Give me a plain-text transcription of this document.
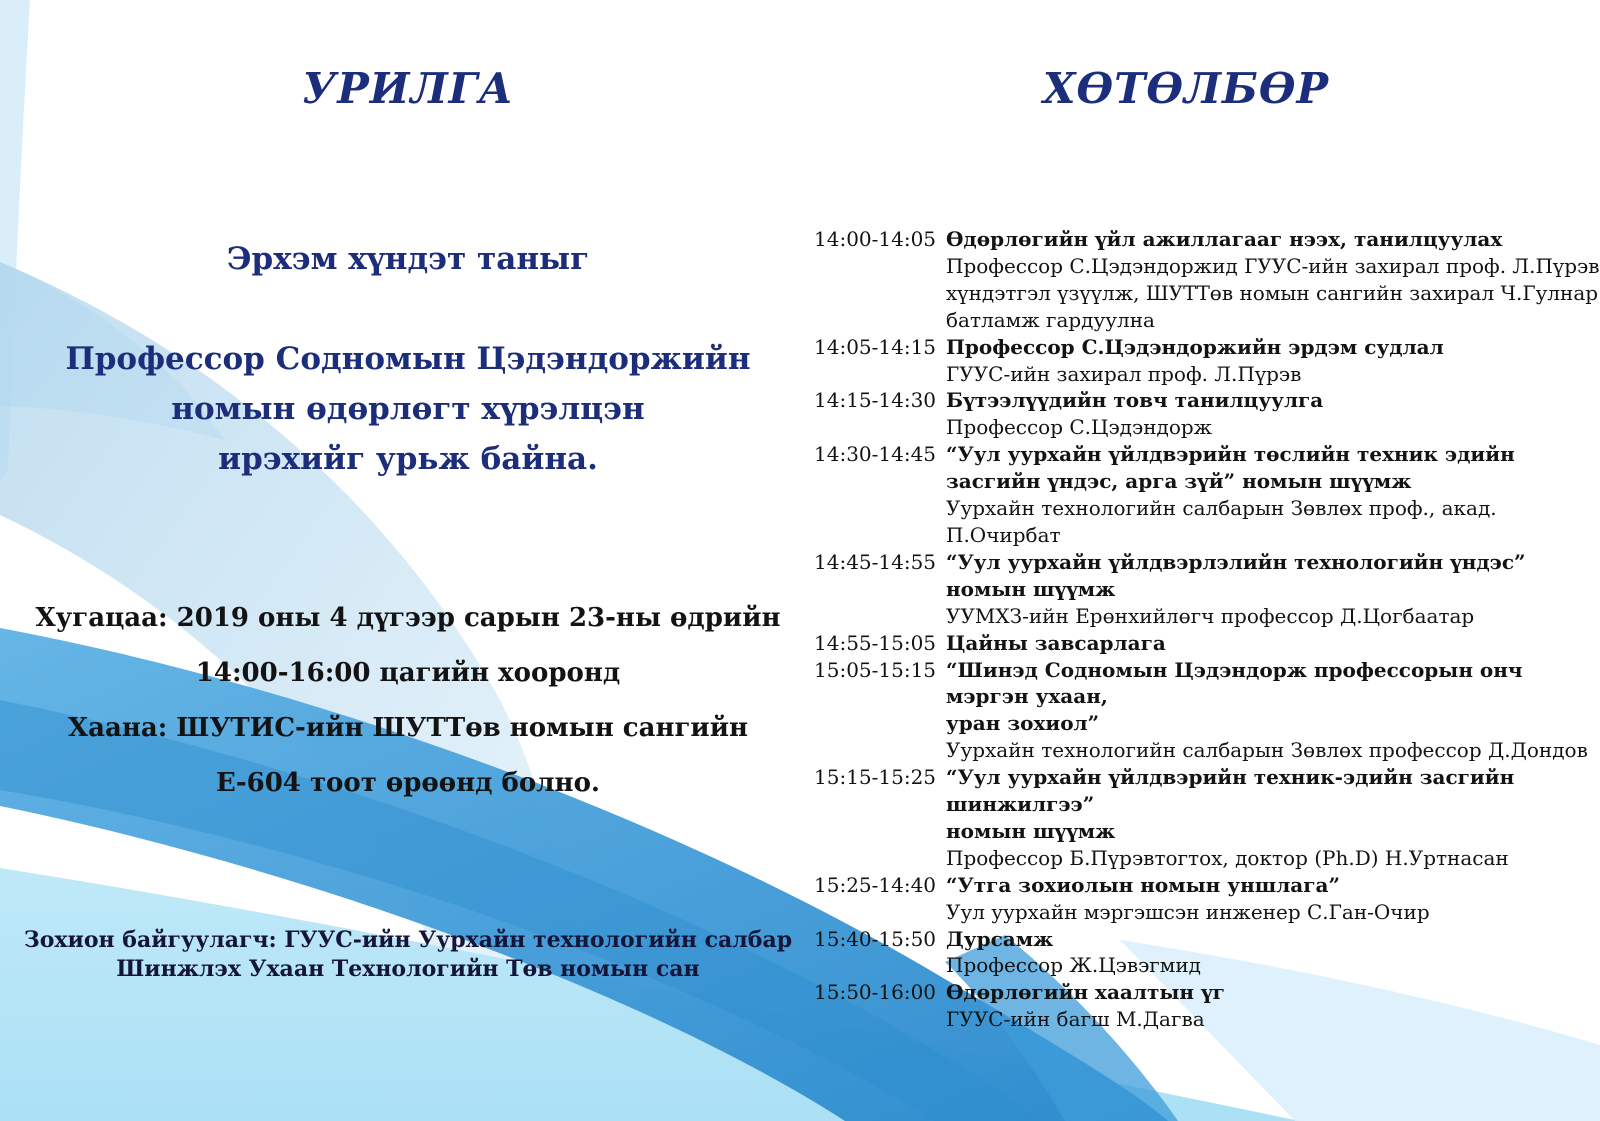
УРИЛГА
Эрхэм хүндэт таныг
Профессор Содномын Цэдэндоржийн
номын өдөрлөгт хүрэлцэн
ирэхийг урьж байна.
Хугацаа: 2019 оны 4 дүгээр сарын 23-ны өдрийн
14:00-16:00 цагийн хооронд
Хаана: ШУТИС-ийн ШУТТөв номын сангийн
Е-604 тоот өрөөнд болно.
Зохион байгуулагч: ГУУС-ийн Уурхайн технологийн салбар
Шинжлэх Ухаан Технологийн Төв номын сан
ХӨТӨЛБӨР
14:00-14:05 Өдөрлөгийн үйл ажиллагааг нээх, танилцуулах
Профессор С.Цэдэндоржид ГУУС-ийн захирал проф. Л.Пүрэв
хүндэтгэл үзүүлж, ШУТТөв номын сангийн захирал Ч.Гулнар
батламж гардуулна
14:05-14:15 Профессор С.Цэдэндоржийн эрдэм судлал
ГУУС-ийн захирал проф. Л.Пүрэв
14:15-14:30 Бүтээлүүдийн товч танилцуулга
Профессор С.Цэдэндорж
14:30-14:45 “Уул уурхайн үйлдвэрийн төслийн техник эдийн
засгийн үндэс, арга зүй” номын шүүмж
Уурхайн технологийн салбарын Зөвлөх проф., акад. П.Очирбат
14:45-14:55 “Уул уурхайн үйлдвэрлэлийн технологийн үндэс”
номын шүүмж
УУМХЗ-ийн Ерөнхийлөгч профессор Д.Цогбаатар
14:55-15:05 Цайны завсарлага
15:05-15:15 “Шинэд Содномын Цэдэндорж профессорын онч мэргэн ухаан,
уран зохиол”
Уурхайн технологийн салбарын Зөвлөх профессор Д.Дондов
15:15-15:25 “Уул уурхайн үйлдвэрийн техник-эдийн засгийн шинжилгээ”
номын шүүмж
Профессор Б.Пүрэвтогтох, доктор (Ph.D) Н.Уртнасан
15:25-14:40 “Утга зохиолын номын уншлага”
Уул уурхайн мэргэшсэн инженер С.Ган-Очир
15:40-15:50 Дурсамж
Профессор Ж.Цэвэгмид
15:50-16:00 Өдөрлөгийн хаалтын үг
ГУУС-ийн багш М.Дагва
